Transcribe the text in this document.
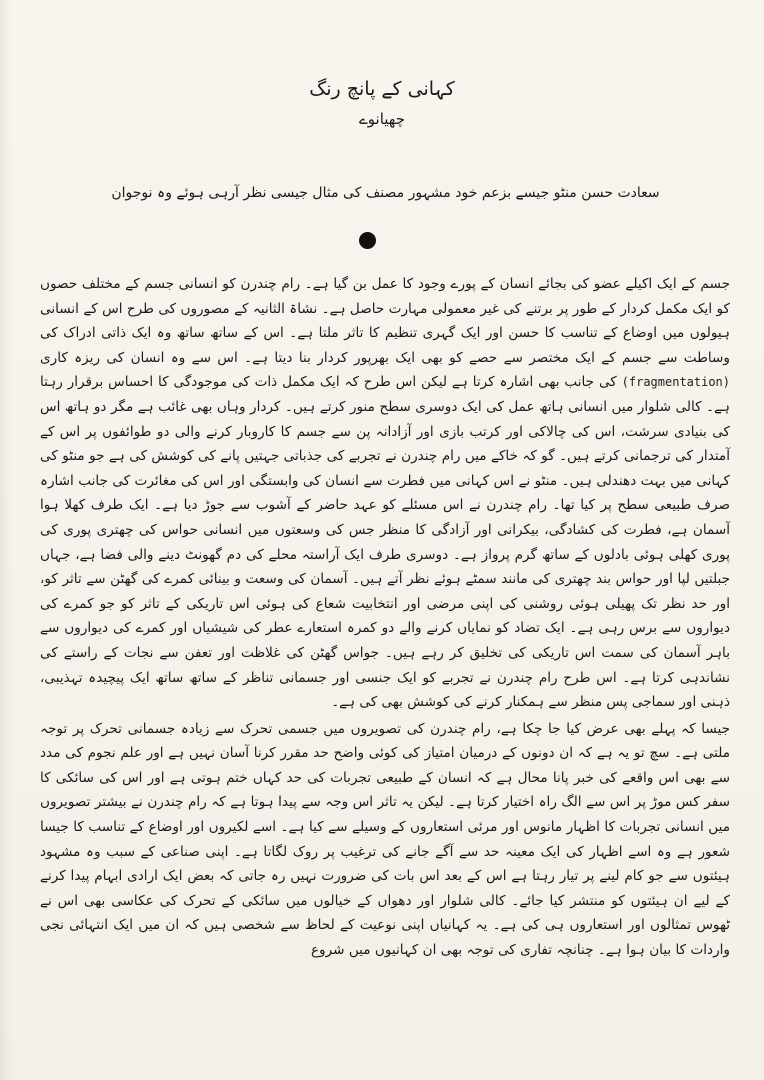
کہانی کے پانچ رنگ
چھیانوے
سعادت حسن منٹو جیسے بزعم خود مشہور مصنف کی مثال جیسی نظر آرہی ہوئے وہ نوجوان

جسم کے ایک اکیلے عضو کی بجائے انسان کے پورے وجود کا عمل بن گیا ہے۔ رام چندرن کو انسانی جسم کے مختلف حصوں کو ایک مکمل کردار کے طور پر برتنے کی غیر معمولی مہارت حاصل ہے۔ نشاۃ الثانیہ کے مصوروں کی طرح اس کے انسانی ہیولوں میں اوضاع کے تناسب کا حسن اور ایک گہری تنظیم کا تاثر ملتا ہے۔ اس کے ساتھ ساتھ وہ ایک ذاتی ادراک کی وساطت سے جسم کے ایک مختصر سے حصے کو بھی ایک بھرپور کردار بنا دیتا ہے۔ اس سے وہ انسان کی ریزہ کاری (fragmentation) کی جانب بھی اشارہ کرتا ہے لیکن اس طرح کہ ایک مکمل ذات کی موجودگی کا احساس برقرار رہتا ہے۔ کالی شلوار میں انسانی ہاتھ عمل کی ایک دوسری سطح منور کرتے ہیں۔ کردار وہاں بھی غائب ہے مگر دو ہاتھ اس کی بنیادی سرشت، اس کی چالاکی اور کرتب بازی اور آزادانہ پن سے جسم کا کاروبار کرنے والی دو طوائفوں پر اس کے آمتدار کی ترجمانی کرتے ہیں۔ گو کہ خاکے میں رام چندرن نے تجربے کی جذباتی جہتیں پانے کی کوشش کی ہے جو منٹو کی کہانی میں بہت دھندلی ہیں۔ منٹو نے اس کہانی میں فطرت سے انسان کی وابستگی اور اس کی مغائرت کی جانب اشارہ صرف طبیعی سطح پر کیا تھا۔ رام چندرن نے اس مسئلے کو عہد حاضر کے آشوب سے جوڑ دیا ہے۔ ایک طرف کھلا ہوا آسمان ہے، فطرت کی کشادگی، بیکرانی اور آزادگی کا منظر جس کی وسعتوں میں انسانی حواس کی چھتری پوری کی پوری کھلی ہوئی بادلوں کے ساتھ گرم پرواز ہے۔ دوسری طرف ایک آراستہ محلے کی دم گھونٹ دینے والی فضا ہے، جہاں جبلتیں لپا اور حواس بند چھتری کی مانند سمٹے ہوئے نظر آتے ہیں۔ آسمان کی وسعت و بینائی کمرے کی گھٹن سے تاثر کو، اور حد نظر تک پھیلی ہوئی روشنی کی اپنی مرضی اور انتخابیت شعاع کی ہوئی اس تاریکی کے تاثر کو جو کمرے کی دیواروں سے برس رہی ہے۔ ایک تضاد کو نمایاں کرنے والے دو کمرہ استعارے عطر کی شیشیاں اور کمرے کی دیواروں سے باہر آسمان کی سمت اس تاریکی کی تخلیق کر رہے ہیں۔ جواس گھٹن کی غلاظت اور تعفن سے نجات کے راستے کی نشاندہی کرتا ہے۔ اس طرح رام چندرن نے تجربے کو ایک جنسی اور جسمانی تناظر کے ساتھ ساتھ ایک پیچیدہ تہذیبی، ذہنی اور سماجی پس منظر سے ہمکنار کرنے کی کوشش بھی کی ہے۔

جیسا کہ پہلے بھی عرض کیا جا چکا ہے، رام چندرن کی تصویروں میں جسمی تحرک سے زیادہ جسمانی تحرک پر توجہ ملتی ہے۔ سچ تو یہ ہے کہ ان دونوں کے درمیان امتیاز کی کوئی واضح حد مقرر کرنا آسان نہیں ہے اور علم نجوم کی مدد سے بھی اس واقعے کی خبر پانا محال ہے کہ انسان کے طبیعی تجربات کی حد کہاں ختم ہوتی ہے اور اس کی سائکی کا سفر کس موڑ پر اس سے الگ راہ اختیار کرتا ہے۔ لیکن یہ تاثر اس وجہ سے پیدا ہوتا ہے کہ رام چندرن نے بیشتر تصویروں میں انسانی تجربات کا اظہار مانوس اور مرئی استعاروں کے وسیلے سے کیا ہے۔ اسے لکیروں اور اوضاع کے تناسب کا جیسا شعور ہے وہ اسے اظہار کی ایک معینہ حد سے آگے جانے کی ترغیب پر روک لگاتا ہے۔ اپنی صناعی کے سبب وہ مشہود ہیئتوں سے جو کام لینے پر تیار رہتا ہے اس کے بعد اس بات کی ضرورت نہیں رہ جاتی کہ بعض ایک ارادی ابہام پیدا کرنے کے لیے ان ہیئتوں کو منتشر کیا جائے۔ کالی شلوار اور دھواں کے خیالوں میں سائکی کے تحرک کی عکاسی بھی اس نے ٹھوس تمثالوں اور استعاروں ہی کی ہے۔ یہ کہانیاں اپنی نوعیت کے لحاظ سے شخصی ہیں کہ ان میں ایک انتہائی نجی واردات کا بیان ہوا ہے۔ چنانچہ تفاری کی توجہ بھی ان کہانیوں میں شروع
